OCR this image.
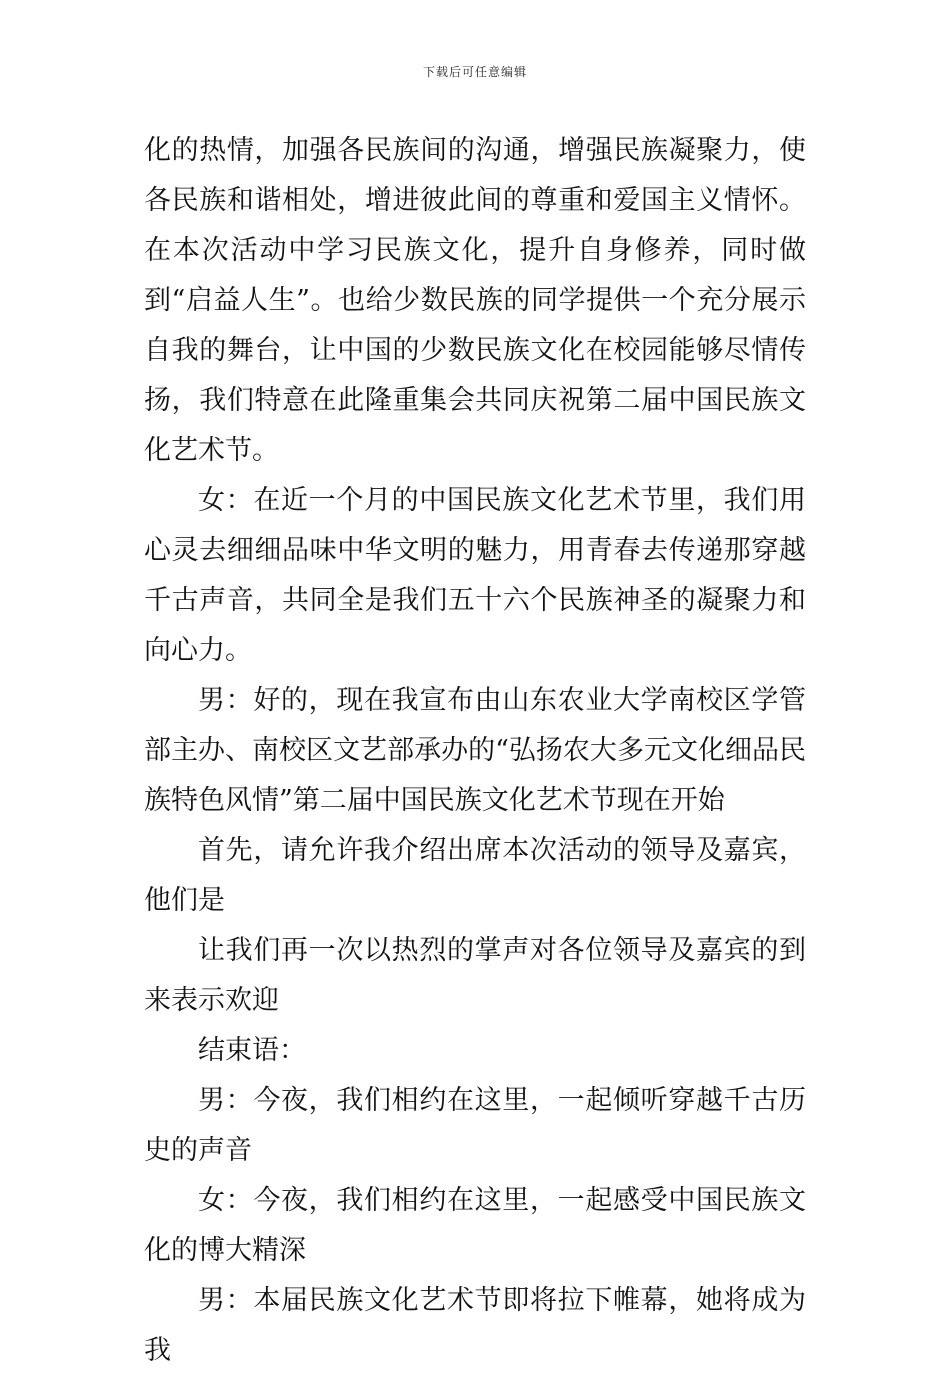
下载后可任意编辑

化的热情，加强各民族间的沟通，增强民族凝聚力，使各民族和谐相处，增进彼此间的尊重和爱国主义情怀。在本次活动中学习民族文化，提升自身修养，同时做到“启益人生”。也给少数民族的同学提供一个充分展示自我的舞台，让中国的少数民族文化在校园能够尽情传扬，我们特意在此隆重集会共同庆祝第二届中国民族文化艺术节。

女：在近一个月的中国民族文化艺术节里，我们用心灵去细细品味中华文明的魅力，用青春去传递那穿越千古声音，共同全是我们五十六个民族神圣的凝聚力和向心力。

男：好的，现在我宣布由山东农业大学南校区学管部主办、南校区文艺部承办的“弘扬农大多元文化细品民族特色风情”第二届中国民族文化艺术节现在开始

首先，请允许我介绍出席本次活动的领导及嘉宾，他们是

让我们再一次以热烈的掌声对各位领导及嘉宾的到来表示欢迎

结束语：

男：今夜，我们相约在这里，一起倾听穿越千古历史的声音

女：今夜，我们相约在这里，一起感受中国民族文化的博大精深

男：本届民族文化艺术节即将拉下帷幕，她将成为我
